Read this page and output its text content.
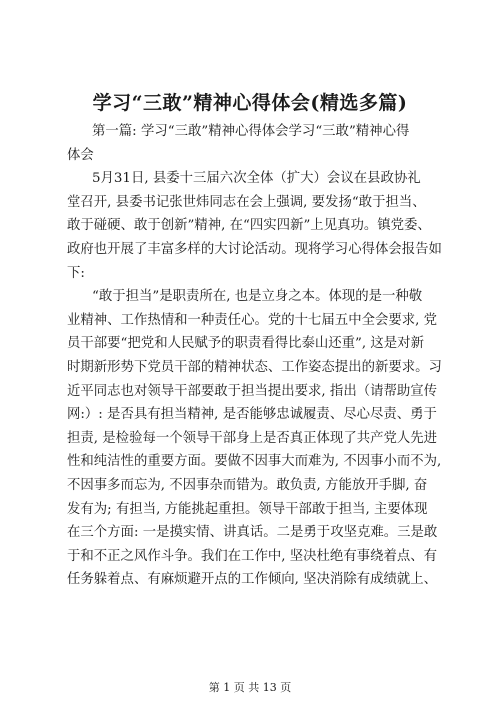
学习“三敢”精神心得体会(精选多篇)
第一篇: 学习“三敢”精神心得体会学习“三敢”精神心得
体会
5月31日, 县委十三届六次全体（扩大）会议在县政协礼
堂召开, 县委书记张世炜同志在会上强调, 要发扬“敢于担当、
敢于碰硬、敢于创新”精神, 在“四实四新”上见真功。镇党委、
政府也开展了丰富多样的大讨论活动。现将学习心得体会报告如
下:
“敢于担当”是职责所在, 也是立身之本。体现的是一种敬
业精神、工作热情和一种责任心。党的十七届五中全会要求, 党
员干部要“把党和人民赋予的职责看得比泰山还重”, 这是对新
时期新形势下党员干部的精神状态、工作姿态提出的新要求。习
近平同志也对领导干部要敢于担当提出要求, 指出（请帮助宣传
网:）: 是否具有担当精神, 是否能够忠诚履责、尽心尽责、勇于
担责, 是检验每一个领导干部身上是否真正体现了共产党人先进
性和纯洁性的重要方面。要做不因事大而难为, 不因事小而不为,
不因事多而忘为, 不因事杂而错为。敢负责, 方能放开手脚, 奋
发有为; 有担当, 方能挑起重担。领导干部敢于担当, 主要体现
在三个方面: 一是摸实情、讲真话。二是勇于攻坚克难。三是敢
于和不正之风作斗争。我们在工作中, 坚决杜绝有事绕着点、有
任务躲着点、有麻烦避开点的工作倾向, 坚决消除有成绩就上、
第 1 页 共 13 页
